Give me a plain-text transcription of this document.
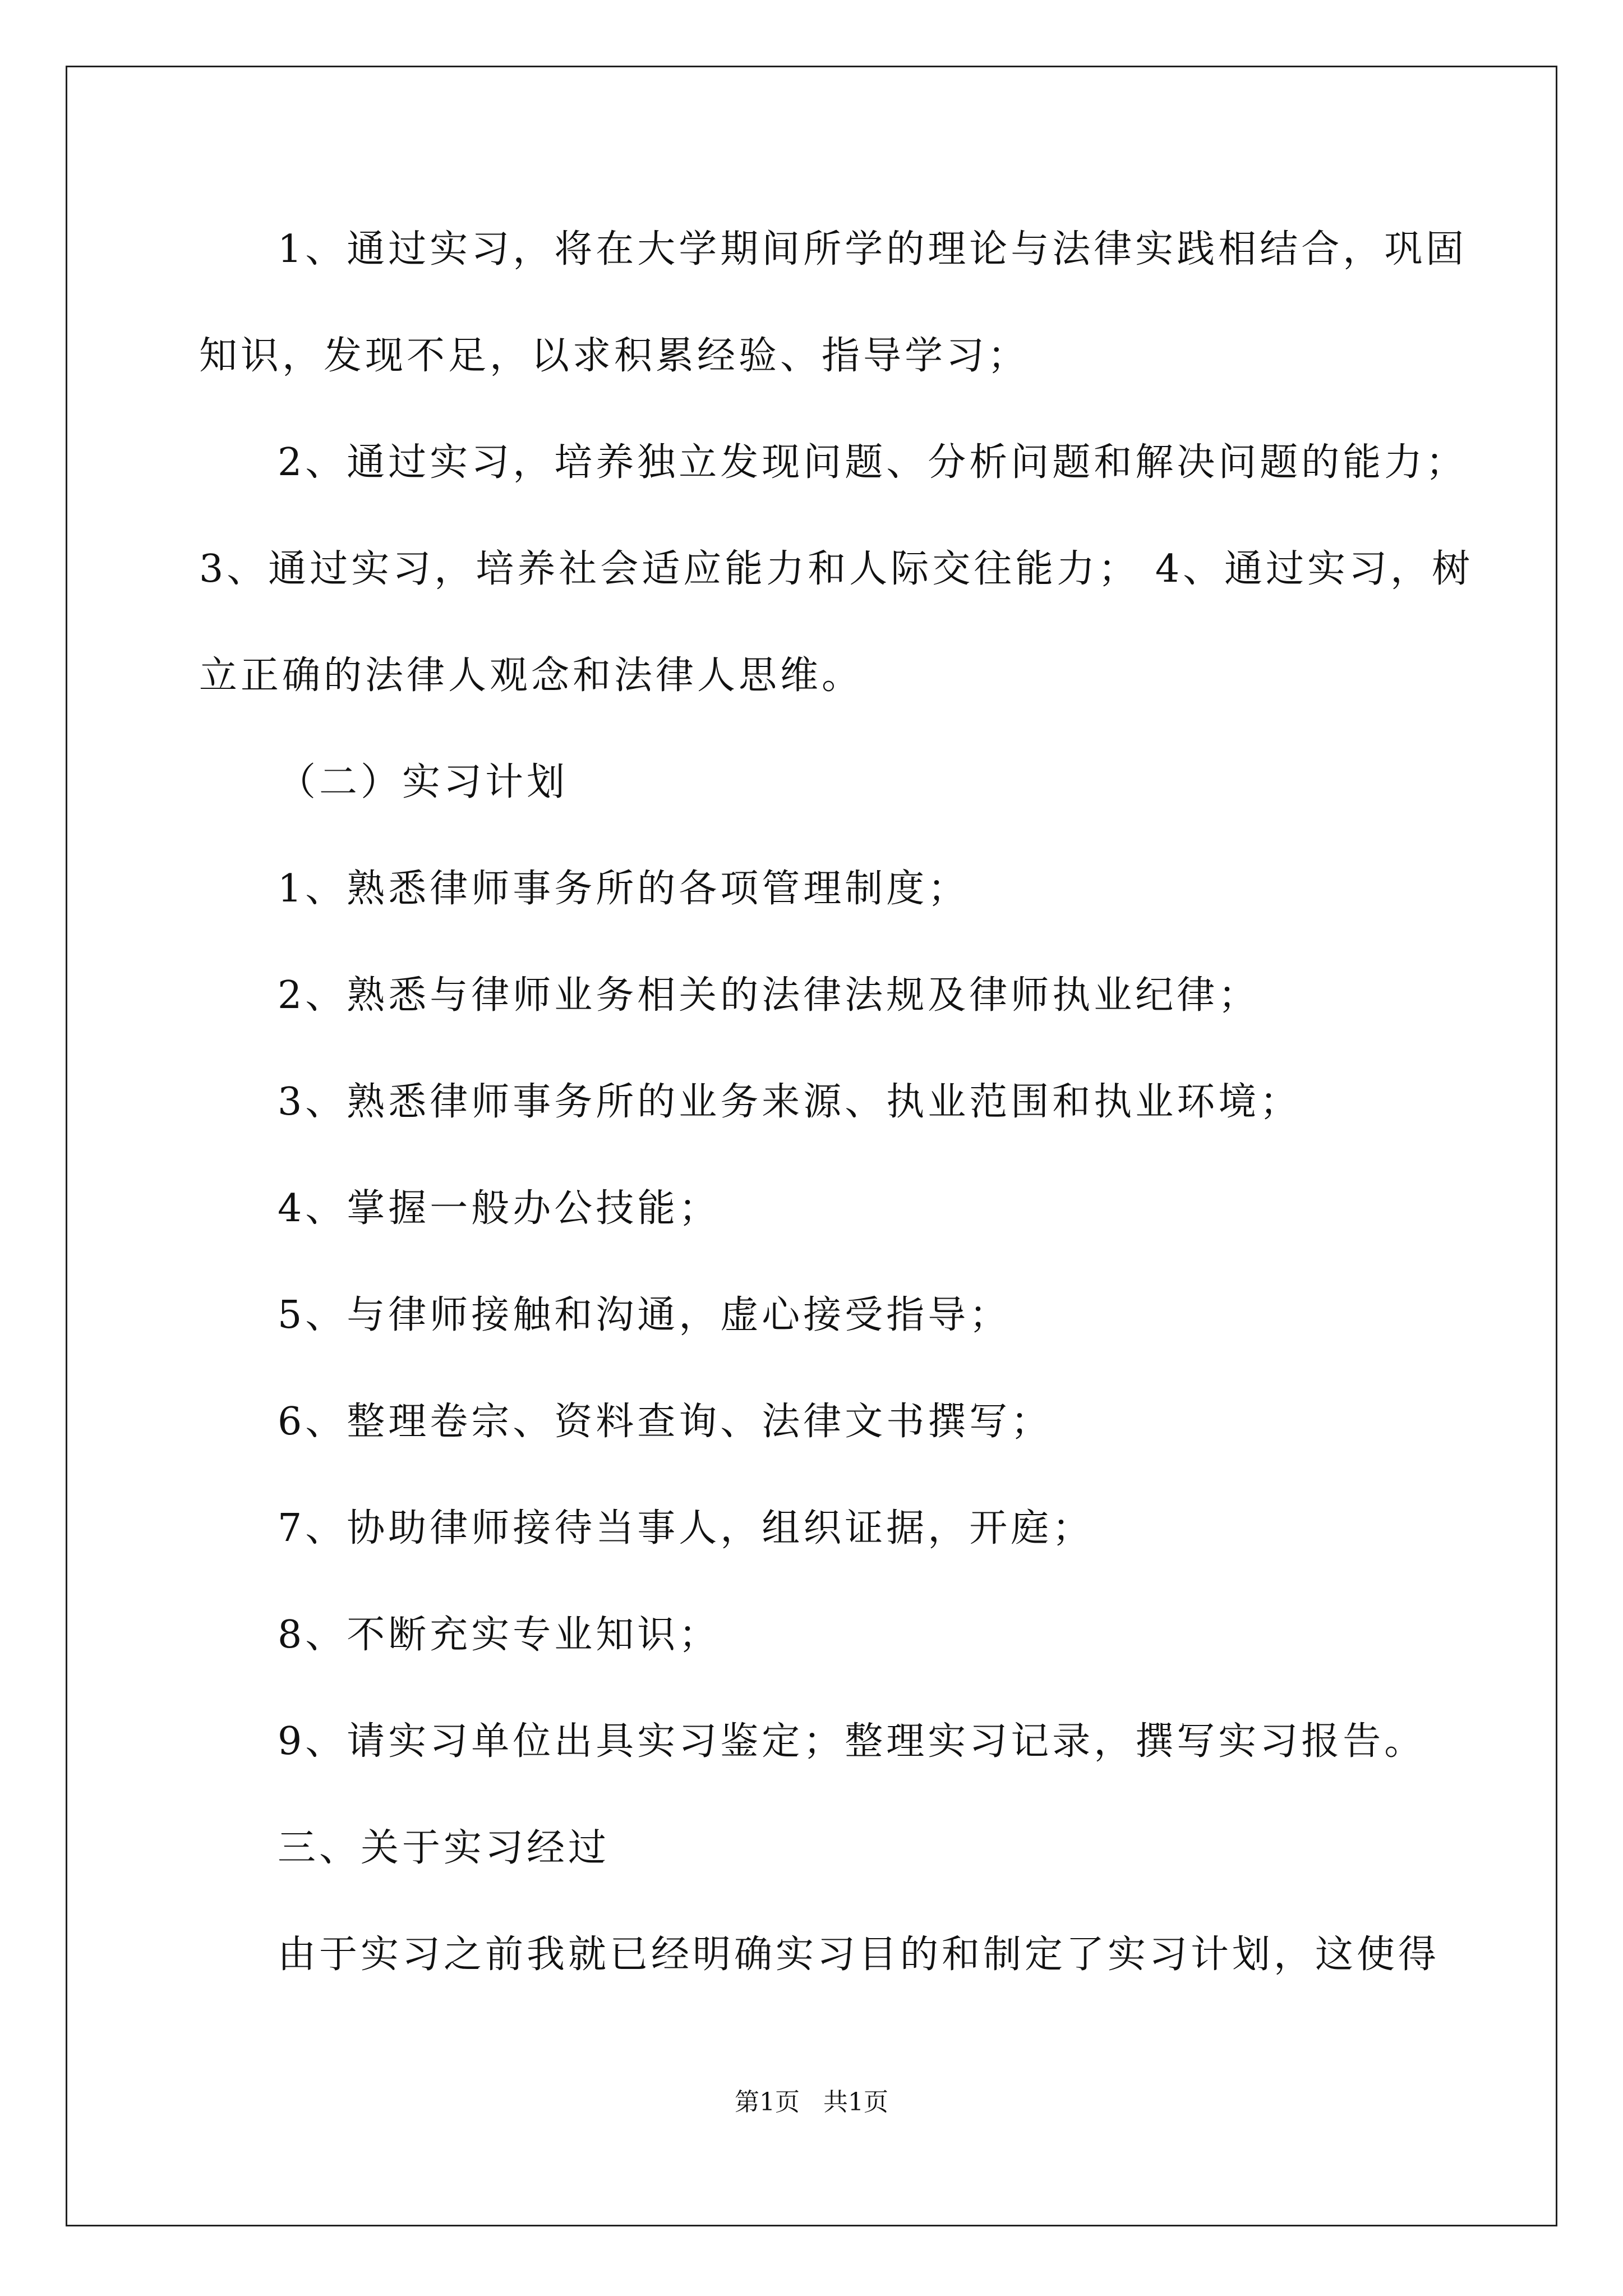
1、通过实习，将在大学期间所学的理论与法律实践相结合，巩固
知识，发现不足，以求积累经验、指导学习；
2、通过实习，培养独立发现问题、分析问题和解决问题的能力；
3、通过实习，培养社会适应能力和人际交往能力； 4、通过实习，树
立正确的法律人观念和法律人思维。
（二）实习计划
1、熟悉律师事务所的各项管理制度；
2、熟悉与律师业务相关的法律法规及律师执业纪律；
3、熟悉律师事务所的业务来源、执业范围和执业环境；
4、掌握一般办公技能；
5、与律师接触和沟通，虚心接受指导；
6、整理卷宗、资料查询、法律文书撰写；
7、协助律师接待当事人，组织证据，开庭；
8、不断充实专业知识；
9、请实习单位出具实习鉴定；整理实习记录，撰写实习报告。
三、关于实习经过
由于实习之前我就已经明确实习目的和制定了实习计划，这使得
第1页 共1页
